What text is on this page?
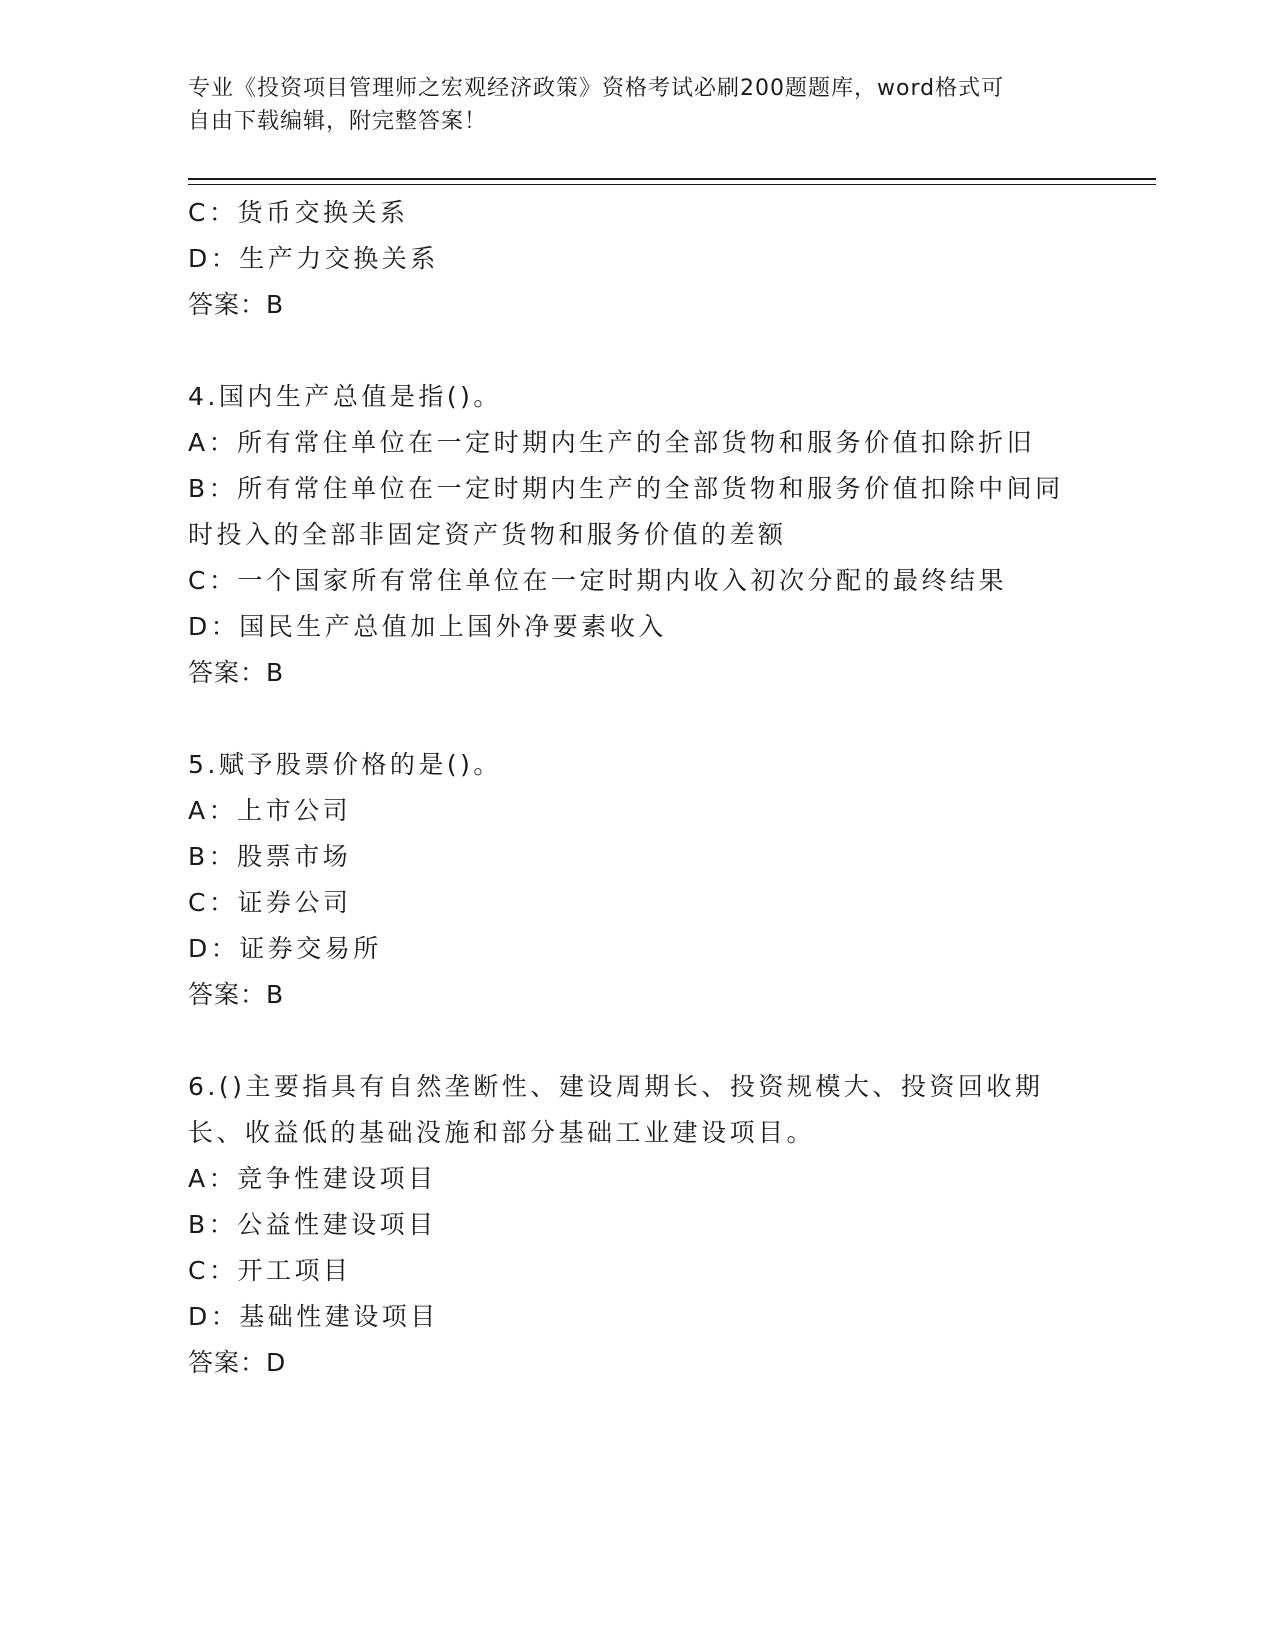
专业《投资项目管理师之宏观经济政策》资格考试必刷200题题库，word格式可
自由下载编辑，附完整答案！
C：货币交换关系
D：生产力交换关系
答案：B
4.国内生产总值是指()。
A：所有常住单位在一定时期内生产的全部货物和服务价值扣除折旧
B：所有常住单位在一定时期内生产的全部货物和服务价值扣除中间同
时投入的全部非固定资产货物和服务价值的差额
C：一个国家所有常住单位在一定时期内收入初次分配的最终结果
D：国民生产总值加上国外净要素收入
答案：B
5.赋予股票价格的是()。
A：上市公司
B：股票市场
C：证券公司
D：证券交易所
答案：B
6.()主要指具有自然垄断性、建设周期长、投资规模大、投资回收期
长、收益低的基础没施和部分基础工业建设项目。
A：竞争性建设项目
B：公益性建设项目
C：开工项目
D：基础性建设项目
答案：D
